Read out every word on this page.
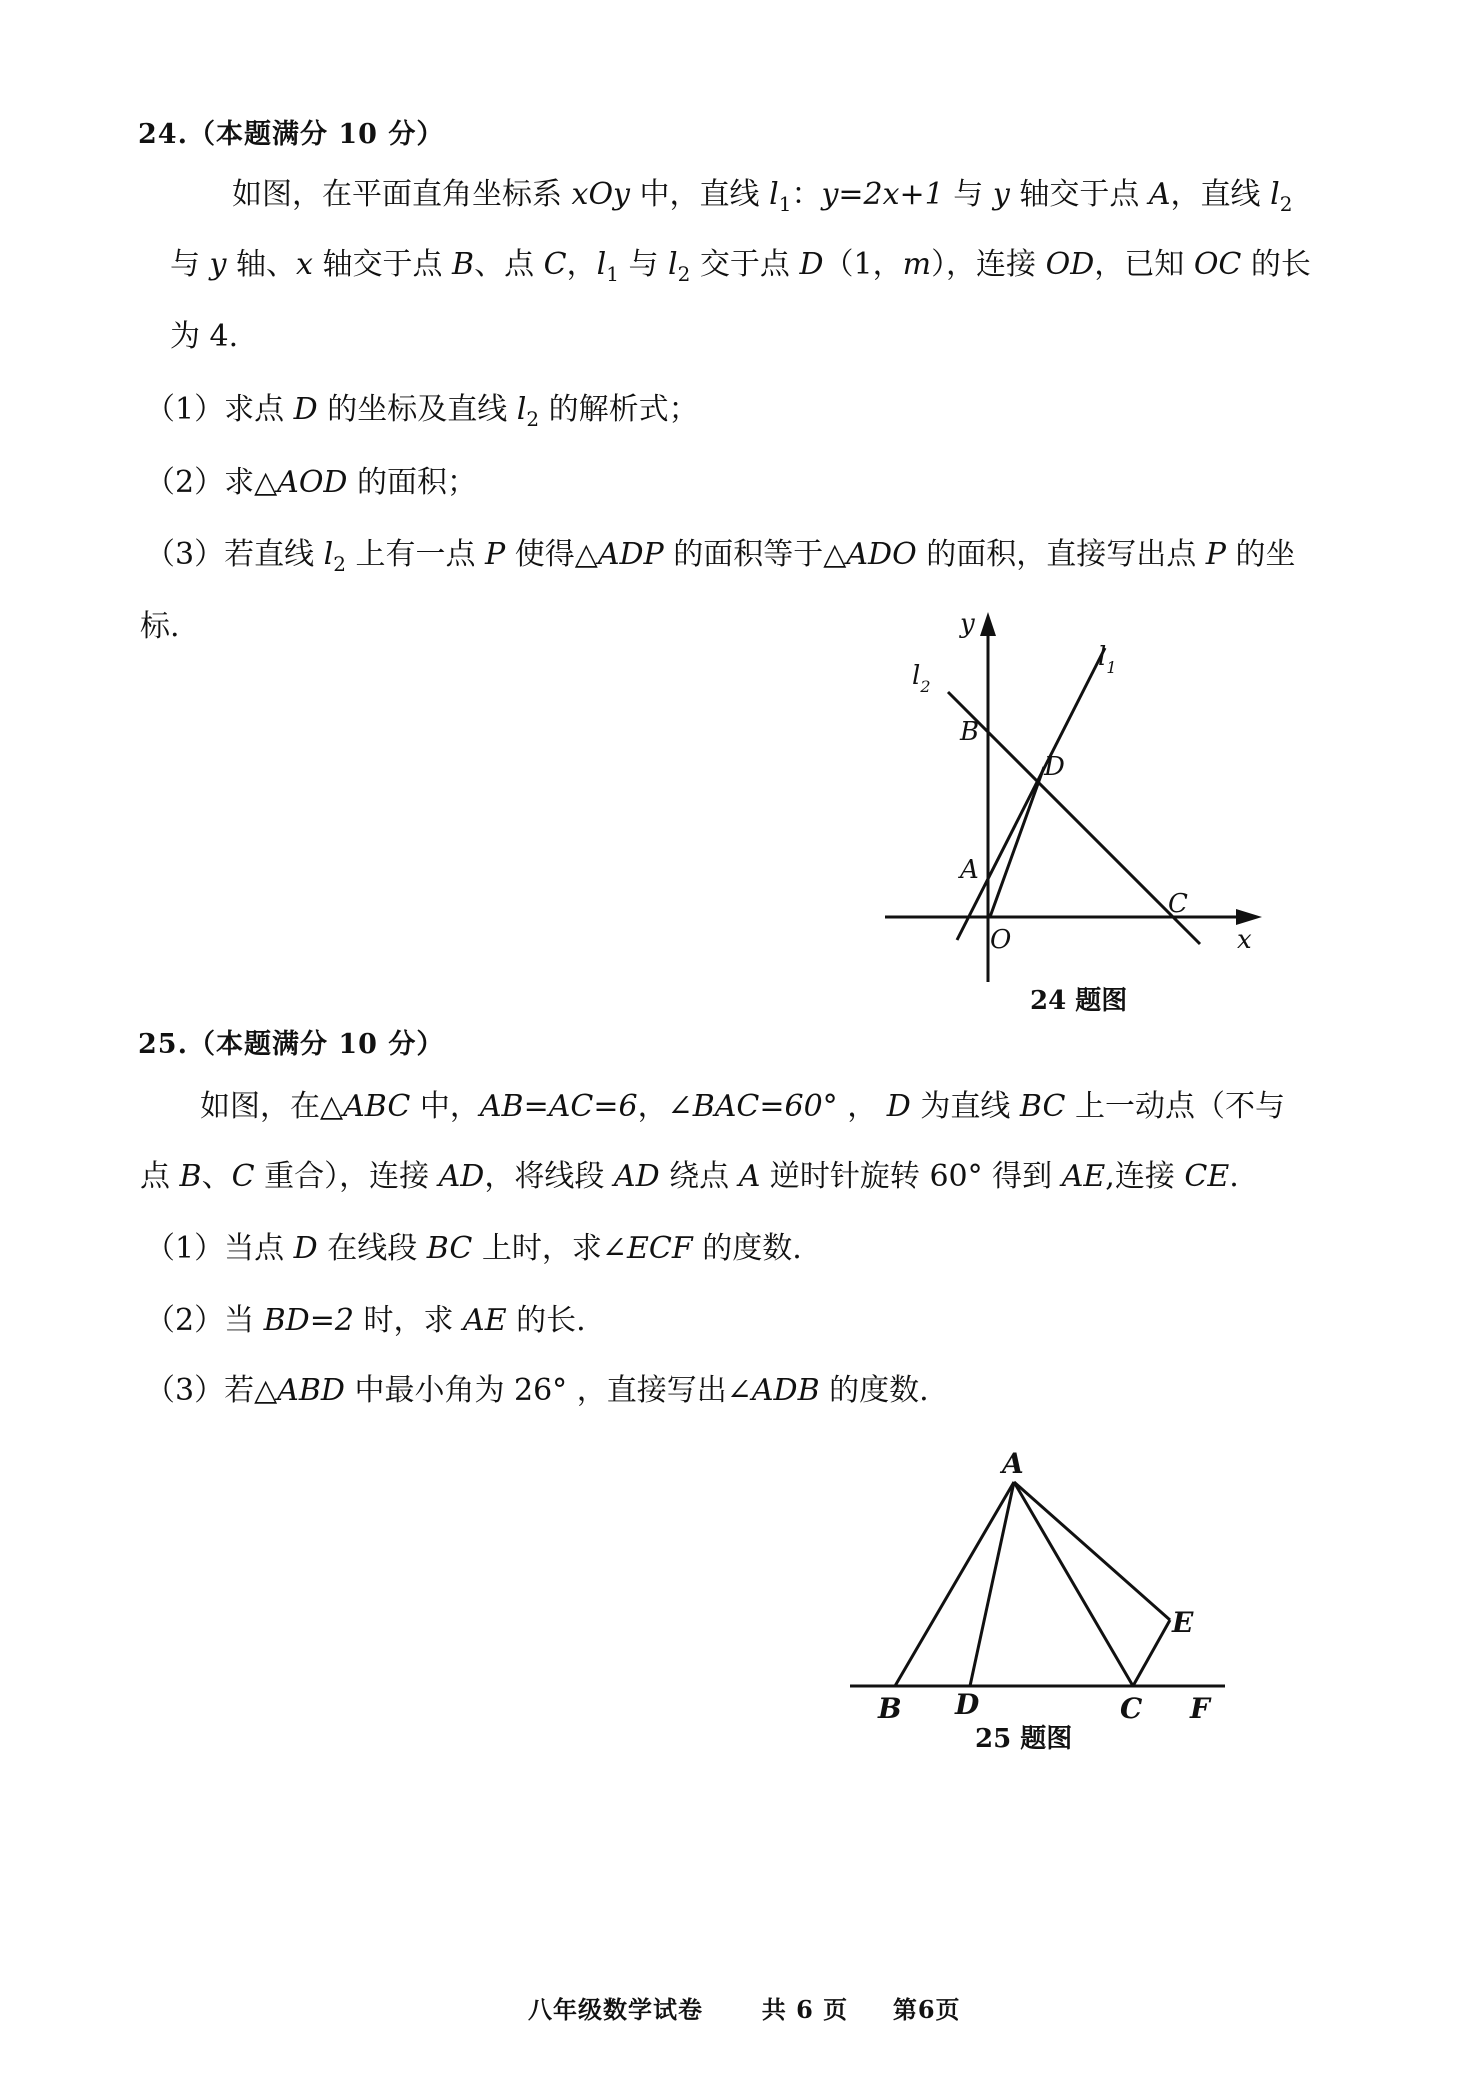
24.（本题满分 10 分）
如图，在平面直角坐标系 xOy 中，直线 $l_1$：y=2x+1 与 y 轴交于点 A，直线 $l_2$
与 y 轴、x 轴交于点 B、点 C，$l_1$ 与 $l_2$ 交于点 D（1，m），连接 OD，已知 OC 的长
为 4.
（1）求点 D 的坐标及直线 $l_2$ 的解析式；
（2）求△AOD 的面积；
（3）若直线 $l_2$ 上有一点 P 使得△ADP 的面积等于△ADO 的面积，直接写出点 P 的坐
标.	y
x
$l_2$
$l_1$
B
D
A
C
O
24 题图
25.（本题满分 10 分）
如图，在△ABC 中，AB=AC=6，∠BAC=60° ， D 为直线 BC 上一动点（不与
点 B、C 重合），连接 AD，将线段 AD 绕点 A 逆时针旋转 60° 得到 AE,连接 CE.
（1）当点 D 在线段 BC 上时，求∠ECF 的度数.
（2）当 BD=2 时，求 AE 的长.
（3）若△ABD 中最小角为 26° ，直接写出∠ADB 的度数.
A
B D	C
E
F
25 题图
八年级数学试卷 共 6 页 第6页
